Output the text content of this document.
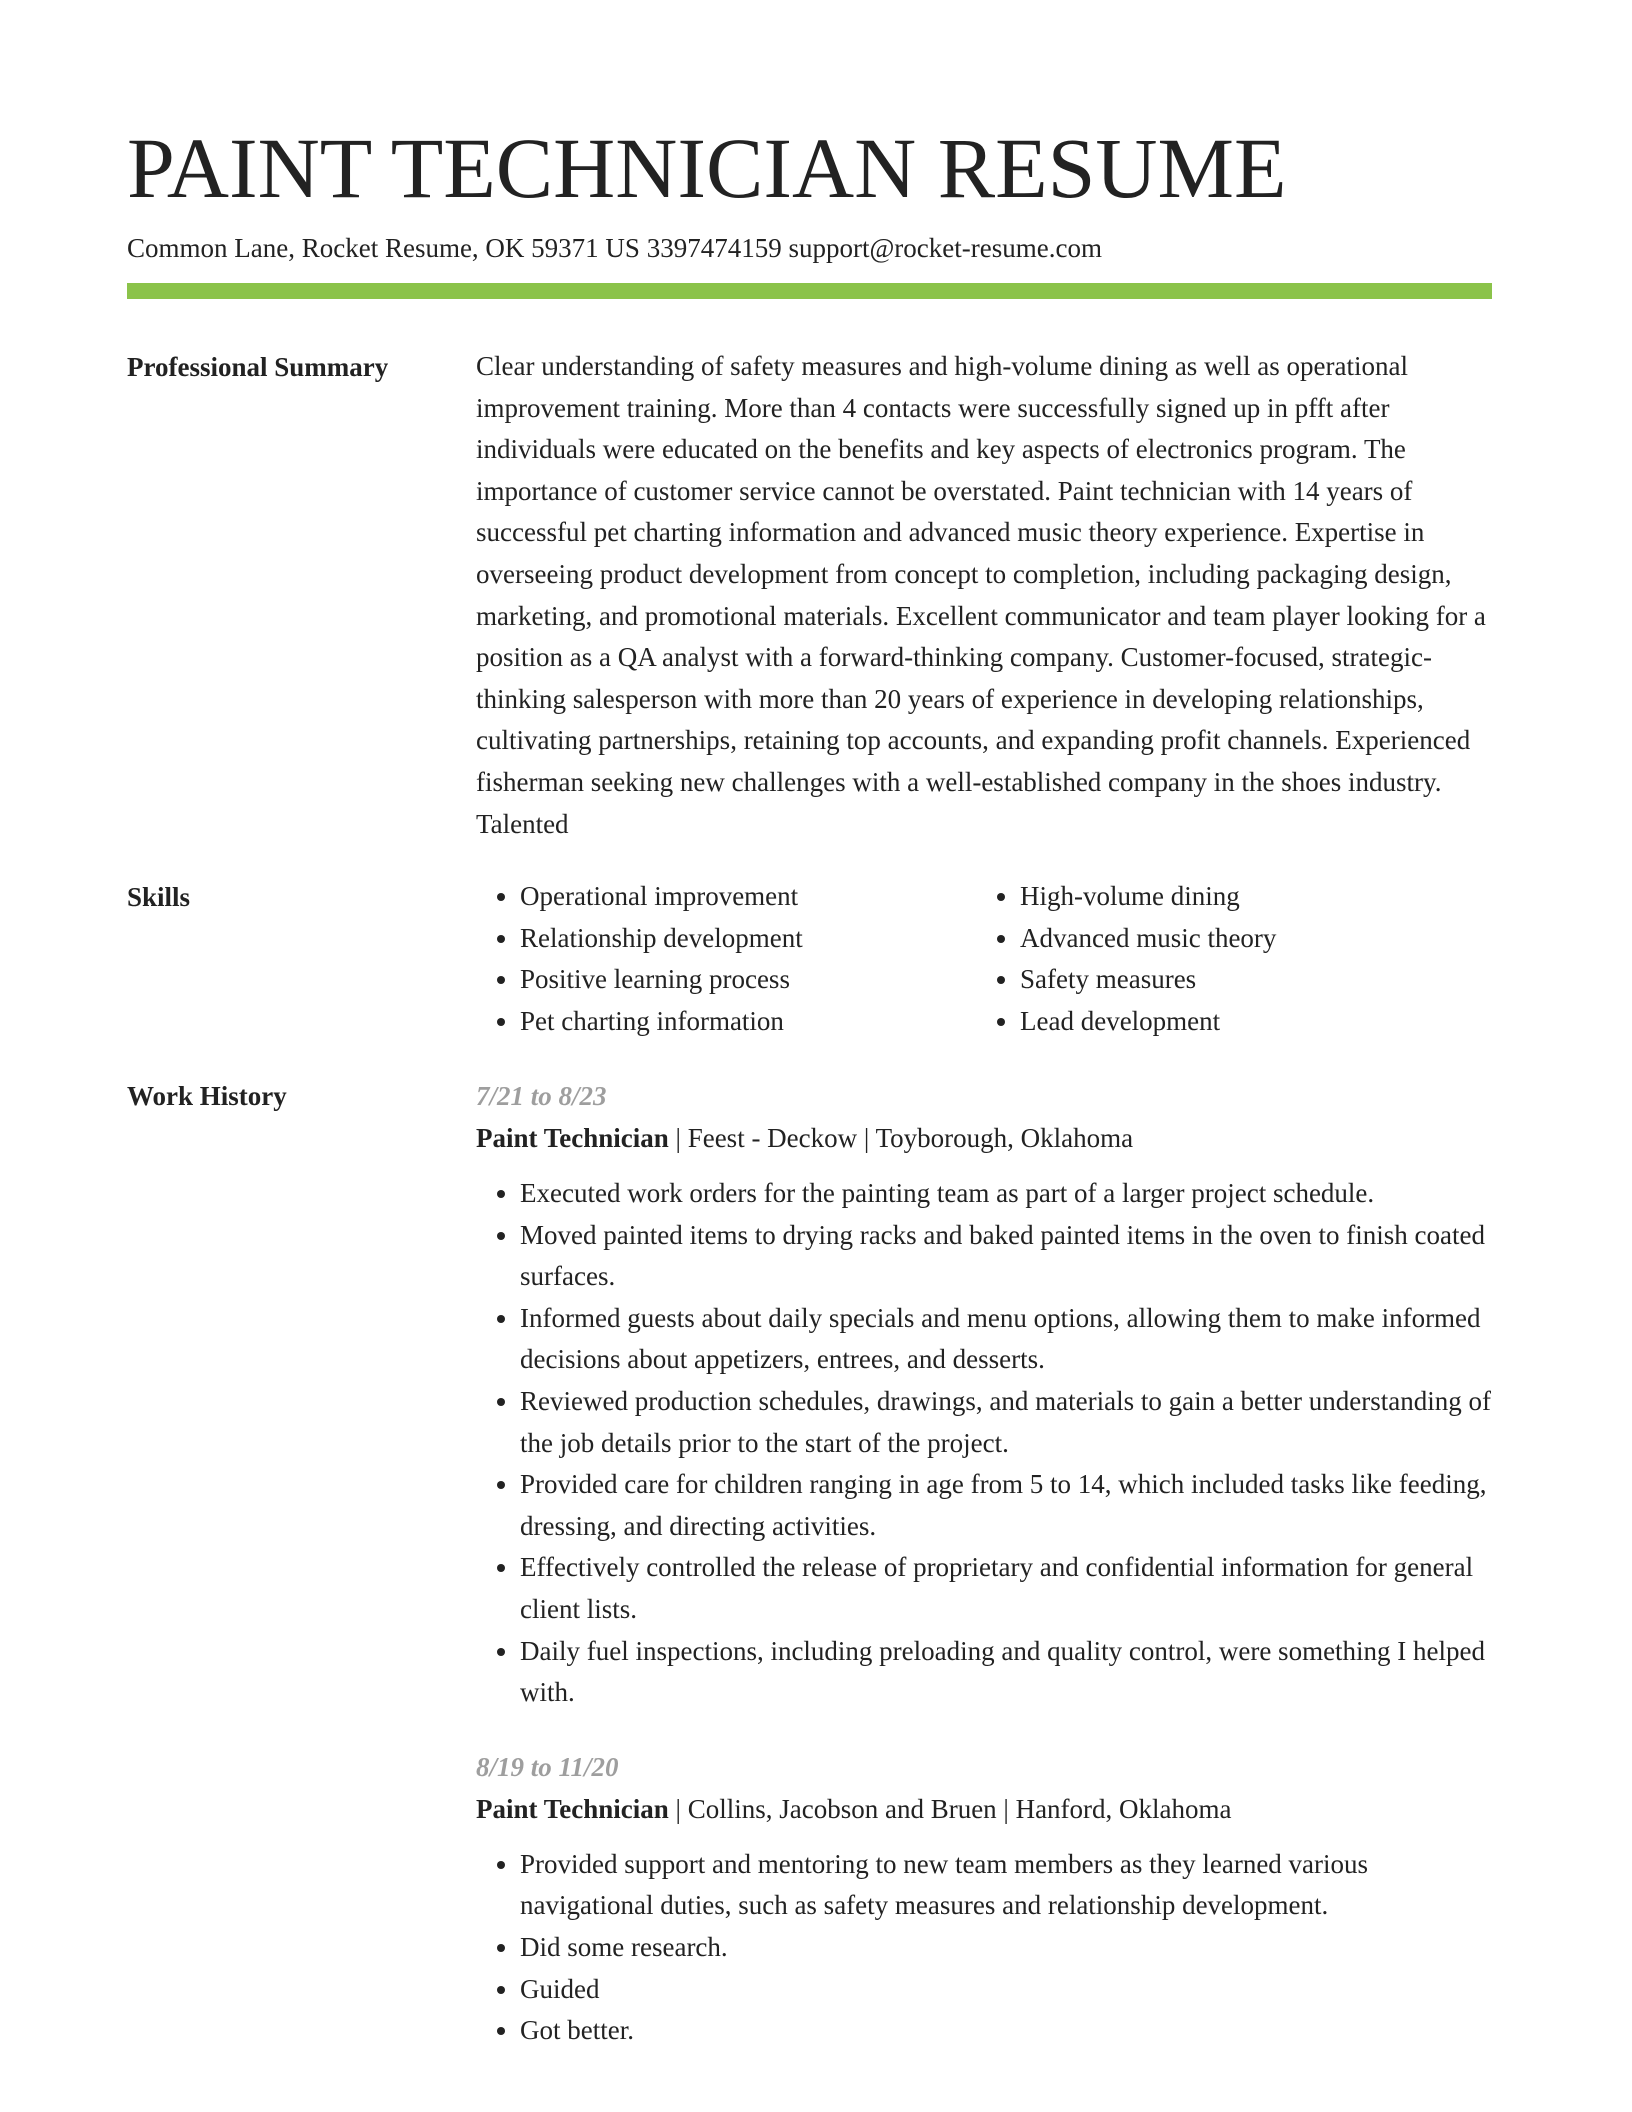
PAINT TECHNICIAN RESUME
Common Lane, Rocket Resume, OK 59371 US 3397474159 support@rocket-resume.com
Professional Summary	Clear understanding of safety measures and high-volume dining as well as operational improvement training. More than 4 contacts were successfully signed up in pfft after individuals were educated on the benefits and key aspects of electronics program. The importance of customer service cannot be overstated. Paint technician with 14 years of successful pet charting information and advanced music theory experience. Expertise in overseeing product development from concept to completion, including packaging design, marketing, and promotional materials. Excellent communicator and team player looking for a position as a QA analyst with a forward-thinking company. Customer-focused, strategic-thinking salesperson with more than 20 years of experience in developing relationships, cultivating partnerships, retaining top accounts, and expanding profit channels. Experienced fisherman seeking new challenges with a well-established company in the shoes industry. Talented

Skills
•	Operational improvement
• Relationship development
• Positive learning process
• Pet charting information
• High-volume dining
• Advanced music theory
• Safety measures
• Lead development
Work History	7/21 to 8/23
Paint Technician | Feest - Deckow | Toyborough, Oklahoma
• Executed work orders for the painting team as part of a larger project schedule.
• Moved painted items to drying racks and baked painted items in the oven to finish coated surfaces.
• Informed guests about daily specials and menu options, allowing them to make informed decisions about appetizers, entrees, and desserts.
• Reviewed production schedules, drawings, and materials to gain a better understanding of the job details prior to the start of the project.
• Provided care for children ranging in age from 5 to 14, which included tasks like feeding, dressing, and directing activities.
• Effectively controlled the release of proprietary and confidential information for general client lists.
• Daily fuel inspections, including preloading and quality control, were something I helped with.
8/19 to 11/20
Paint Technician | Collins, Jacobson and Bruen | Hanford, Oklahoma
• Provided support and mentoring to new team members as they learned various navigational duties, such as safety measures and relationship development.
• Did some research.
• Guided
• Got better.
